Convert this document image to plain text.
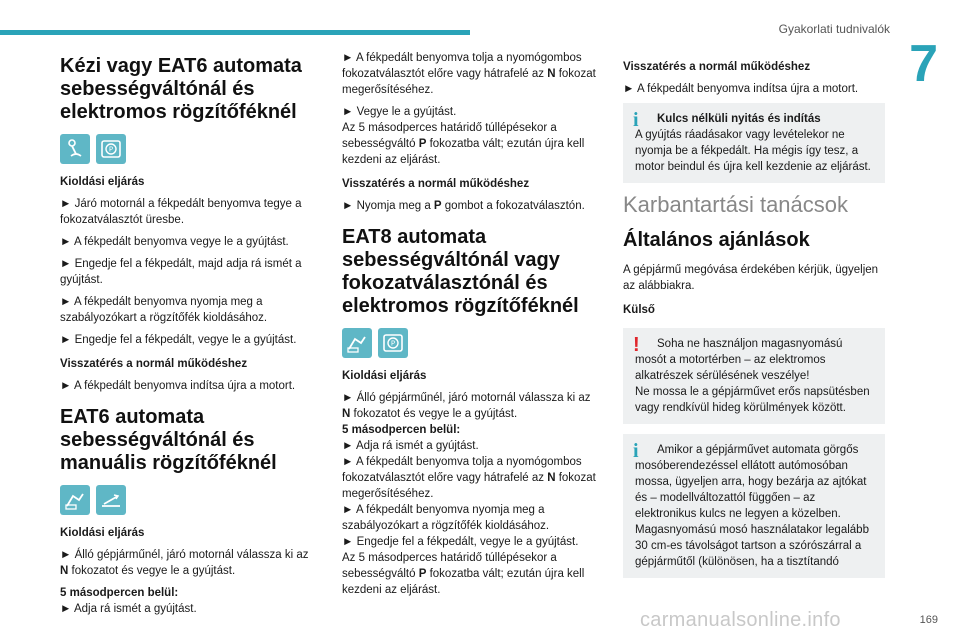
Gyakorlati tudnivalók
7
Kézi vagy EAT6 automata sebességváltónál és elektromos rögzítőféknél
P
Kioldási eljárás

► Járó motornál a fékpedált benyomva tegye a fokozatválasztót üresbe.

► A fékpedált benyomva vegye le a gyújtást.

► Engedje fel a fékpedált, majd adja rá ismét a gyújtást.

► A fékpedált benyomva nyomja meg a szabályozókart a rögzítőfék kioldásához.

► Engedje fel a fékpedált, vegye le a gyújtást.

Visszatérés a normál működéshez

► A fékpedált benyomva indítsa újra a motort.

EAT6 automata sebességváltónál és manuális rögzítőféknél
Kioldási eljárás

► Álló gépjárműnél, járó motornál válassza ki az N fokozatot és vegye le a gyújtást.

5 másodpercen belül:

► Adja rá ismét a gyújtást.

► A fékpedált benyomva tolja a nyomógombos fokozatválasztót előre vagy hátrafelé az N fokozat megerősítéséhez.

► Vegye le a gyújtást.

Az 5 másodperces határidő túllépésekor a sebességváltó P fokozatba vált; ezután újra kell kezdeni az eljárást.

Visszatérés a normál működéshez

► Nyomja meg a P gombot a fokozatválasztón.

EAT8 automata sebességváltónál vagy fokozatválasztónál és elektromos rögzítőféknél
P
Kioldási eljárás

► Álló gépjárműnél, járó motornál válassza ki az N fokozatot és vegye le a gyújtást.

5 másodpercen belül:

► Adja rá ismét a gyújtást.

► A fékpedált benyomva tolja a nyomógombos fokozatválasztót előre vagy hátrafelé az N fokozat megerősítéséhez.

► A fékpedált benyomva nyomja meg a szabályozókart a rögzítőfék kioldásához.

► Engedje fel a fékpedált, vegye le a gyújtást.

Az 5 másodperces határidő túllépésekor a sebességváltó P fokozatba vált; ezután újra kell kezdeni az eljárást.

Visszatérés a normál működéshez

► A fékpedált benyomva indítsa újra a motort.

i	Kulcs nélküli nyitás és indítás
A gyújtás ráadásakor vagy levételekor ne nyomja be a fékpedált. Ha mégis így tesz, a motor beindul és újra kell kezdenie az eljárást.
Karbantartási tanácsok
Általános ajánlások

A gépjármű megóvása érdekében kérjük, ügyeljen az alábbiakra.

Külső
!	Soha ne használjon magasnyomású mosót a motortérben – az elektromos alkatrészek sérülésének veszélye!
Ne mossa le a gépjárművet erős napsütésben vagy rendkívül hideg körülmények között.
i	Amikor a gépjárművet automata görgős mosóberendezéssel ellátott autómosóban mossa, ügyeljen arra, hogy bezárja az ajtókat és – modellváltozattól függően – az elektronikus kulcs ne legyen a közelben.
Magasnyomású mosó használatakor legalább 30 cm-es távolságot tartson a szórószárral a gépjárműtől (különösen, ha a tisztítandó
carmanualsonline.info	169
